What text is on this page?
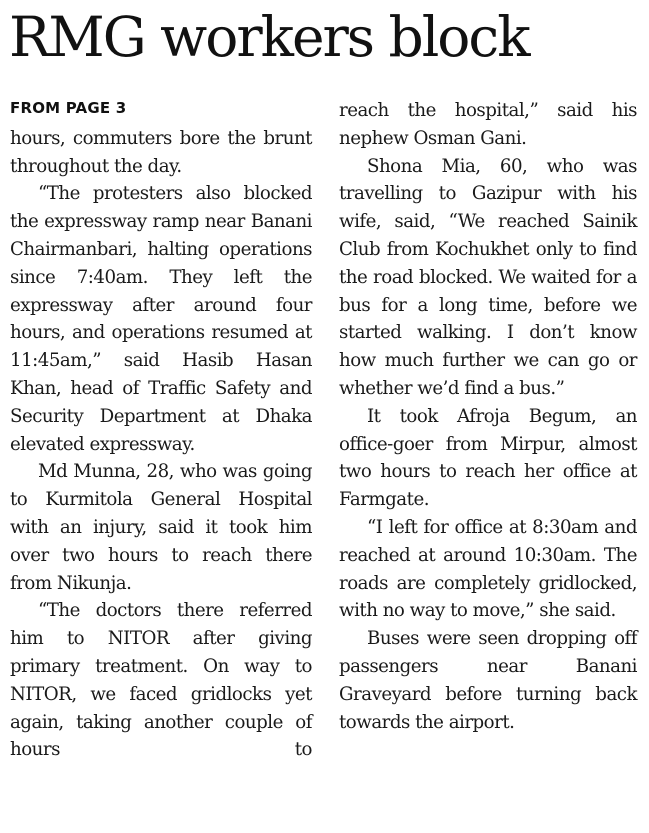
RMG workers block
FROM PAGE 3

hours, commuters bore the brunt throughout the day.

“The protesters also blocked the expressway ramp near Banani Chairmanbari, halting operations since 7:40am. They left the expressway after around four hours, and operations resumed at 11:45am,” said Hasib Hasan Khan, head of Traffic Safety and Security Department at Dhaka elevated expressway.

Md Munna, 28, who was going to Kurmitola General Hospital with an injury, said it took him over two hours to reach there from Nikunja.

“The doctors there referred him to NITOR after giving primary treatment. On way to NITOR, we faced gridlocks yet again, taking another couple of hours to

reach the hospital,” said his nephew Osman Gani.

Shona Mia, 60, who was travelling to Gazipur with his wife, said, “We reached Sainik Club from Kochukhet only to find the road blocked. We waited for a bus for a long time, before we started walking. I don’t know how much further we can go or whether we’d find a bus.”

It took Afroja Begum, an office-goer from Mirpur, almost two hours to reach her office at Farmgate.

“I left for office at 8:30am and reached at around 10:30am. The roads are completely gridlocked, with no way to move,” she said.

Buses were seen dropping off passengers near Banani Graveyard before turning back towards the airport.
